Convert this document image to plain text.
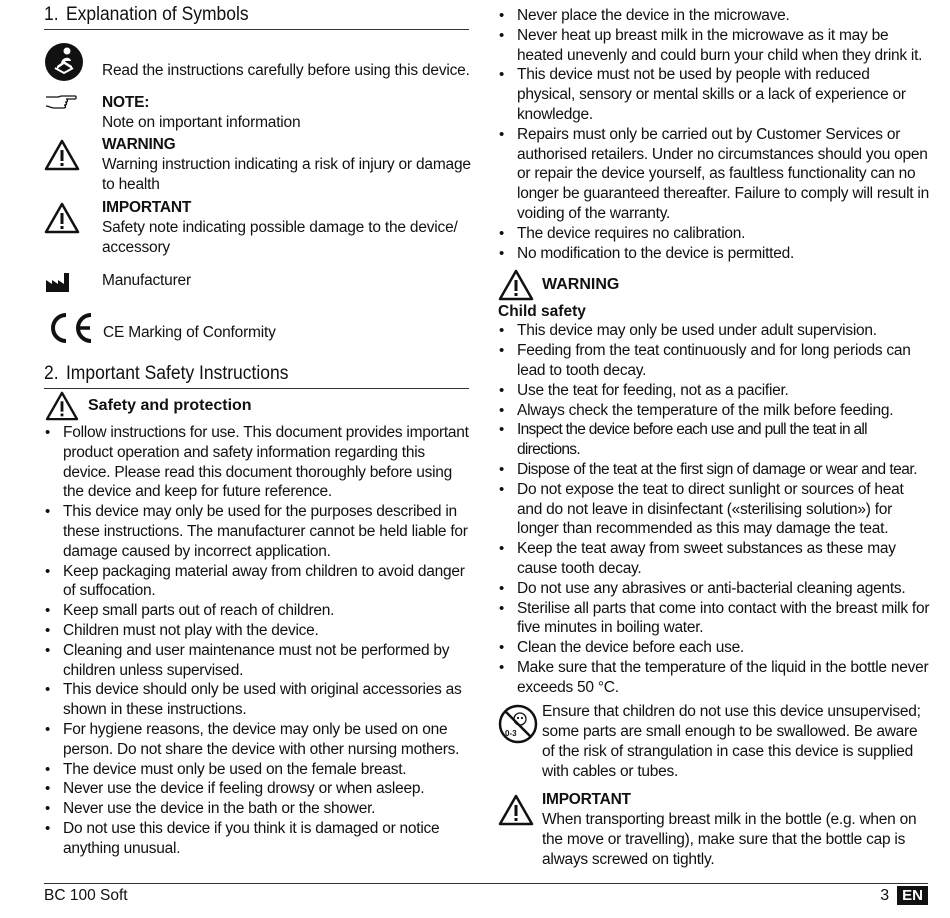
1. Explanation of Symbols
Read the instructions carefully before using this device.
NOTE:
Note on important information
WARNING
Warning instruction indicating a risk of injury or damage to health
IMPORTANT
Safety note indicating possible damage to the device/ accessory
Manufacturer
CE Marking of Conformity
2. Important Safety Instructions
Safety and protection
• Follow instructions for use. This document provides important product operation and safety information regarding this device. Please read this document thoroughly before using the device and keep for future reference.
• This device may only be used for the purposes described in these instructions. The manufacturer cannot be held liable for damage caused by incorrect application.
• Keep packaging material away from children to avoid danger of suffocation.
• Keep small parts out of reach of children.
• Children must not play with the device.
• Cleaning and user maintenance must not be performed by children unless supervised.
• This device should only be used with original accessories as shown in these instructions.
• For hygiene reasons, the device may only be used on one person. Do not share the device with other nursing mothers.
• The device must only be used on the female breast.
• Never use the device if feeling drowsy or when asleep.
• Never use the device in the bath or the shower.
• Do not use this device if you think it is damaged or notice anything unusual.
• Never place the device in the microwave.
• Never heat up breast milk in the microwave as it may be heated unevenly and could burn your child when they drink it.
• This device must not be used by people with reduced physical, sensory or mental skills or a lack of experience or knowledge.
• Repairs must only be carried out by Customer Services or authorised retailers. Under no circumstances should you open or repair the device yourself, as faultless functionality can no longer be guaranteed thereafter. Failure to comply will result in voiding of the warranty.
• The device requires no calibration.
• No modification to the device is permitted.
WARNING
Child safety
• This device may only be used under adult supervision.
• Feeding from the teat continuously and for long periods can lead to tooth decay.
• Use the teat for feeding, not as a pacifier.
• Always check the temperature of the milk before feeding.
• Inspect the device before each use and pull the teat in all directions.
• Dispose of the teat at the first sign of damage or wear and tear.
• Do not expose the teat to direct sunlight or sources of heat and do not leave in disinfectant («sterilising solution») for longer than recommended as this may damage the teat.
• Keep the teat away from sweet substances as these may cause tooth decay.
• Do not use any abrasives or anti-bacterial cleaning agents.
• Sterilise all parts that come into contact with the breast milk for five minutes in boiling water.
• Clean the device before each use.
• Make sure that the temperature of the liquid in the bottle never exceeds 50 °C.
0-3
Ensure that children do not use this device unsupervised; some parts are small enough to be swallowed. Be aware of the risk of strangulation in case this device is supplied with cables or tubes.
IMPORTANT
When transporting breast milk in the bottle (e.g. when on the move or travelling), make sure that the bottle cap is always screwed on tightly.
BC 100 Soft	3 EN
